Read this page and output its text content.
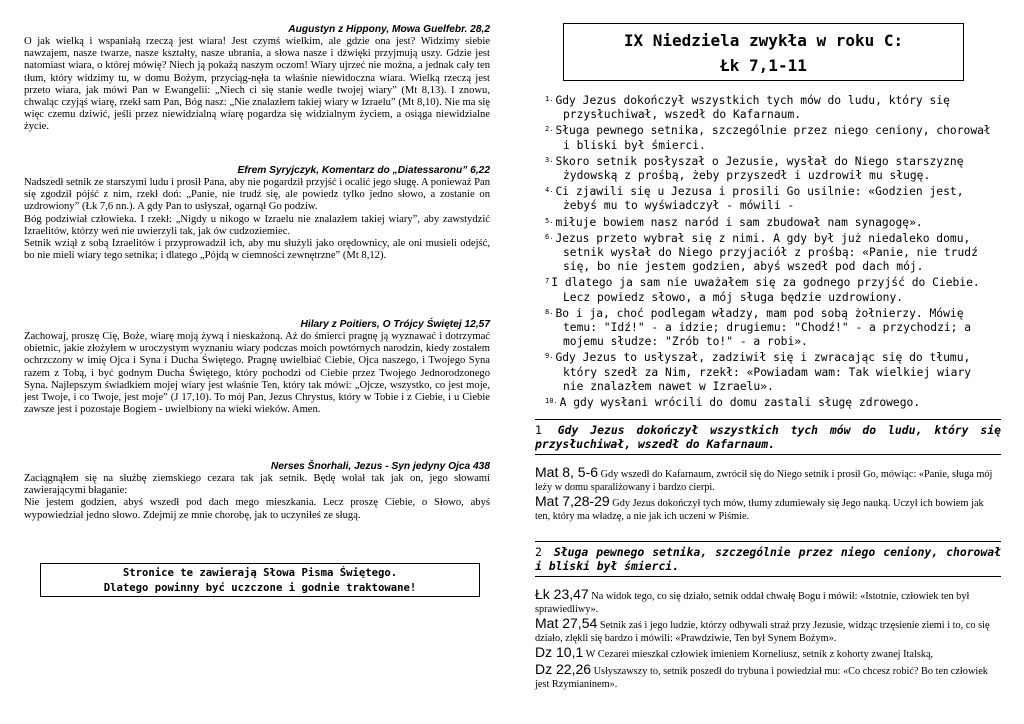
Augustyn z Hippony, Mowa Guelfebr. 28,2

O jak wielką i wspaniałą rzeczą jest wiara! Jest czymś wielkim, ale gdzie ona jest? Widzimy siebie nawzajem, nasze twarze, nasze kształty, nasze ubrania, a słowa nasze i dźwięki przyjmują uszy. Gdzie jest natomiast wiara, o której mówię? Niech ją pokażą naszym oczom! Wiary ujrzeć nie można, a jednak cały ten tłum, który widzimy tu, w domu Bożym, przyciąg-nęła ta właśnie niewidoczna wiara. Wielką rzeczą jest przeto wiara, jak mówi Pan w Ewangelii: „Niech ci się stanie wedle twojej wiary” (Mt 8,13). I znowu, chwaląc czyjąś wiarę, rzekł sam Pan, Bóg nasz: „Nie znalazłem takiej wiary w Izraelu” (Mt 8,10). Nie ma się więc czemu dziwić, jeśli przez niewidzialną wiarę pogardza się widzialnym życiem, a osiąga niewidzialne życie.

Efrem Syryjczyk, Komentarz do „Diatessaronu” 6,22

Nadszedł setnik ze starszymi ludu i prosił Pana, aby nie pogardził przyjść i ocalić jego sługę. A ponieważ Pan się zgodził pójść z nim, rzekł doń: „Panie, nie trudź się, ale powiedz tylko jedno słowo, a zostanie on uzdrowiony” (Łk 7,6 nn.). A gdy Pan to usłyszał, ogarnął Go podziw.

Bóg podziwiał człowieka. I rzekł: „Nigdy u nikogo w Izraelu nie znalazłem takiej wiary”, aby zawstydzić Izraelitów, którzy weń nie uwierzyli tak, jak ów cudzoziemiec.

Setnik wziął z sobą Izraelitów i przyprowadził ich, aby mu służyli jako orędownicy, ale oni musieli odejść, bo nie mieli wiary tego setnika; i dlatego „Pójdą w ciemności zewnętrzne” (Mt 8,12).

Hilary z Poitiers, O Trójcy Świętej 12,57

Zachowaj, proszę Cię, Boże, wiarę moją żywą i nieskażoną. Aż do śmierci pragnę ją wyznawać i dotrzymać obietnic, jakie złożyłem w uroczystym wyznaniu wiary podczas moich powtórnych narodzin, kiedy zostałem ochrzczony w imię Ojca i Syna i Ducha Świętego. Pragnę uwielbiać Ciebie, Ojca naszego, i Twojego Syna razem z Tobą, i być godnym Ducha Świętego, który pochodzi od Ciebie przez Twojego Jednorodzonego Syna. Najlepszym świadkiem mojej wiary jest właśnie Ten, który tak mówi: „Ojcze, wszystko, co jest moje, jest Twoje, i co Twoje, jest moje” (J 17,10). To mój Pan, Jezus Chrystus, który w Tobie i z Ciebie, i u Ciebie zawsze jest i pozostaje Bogiem - uwielbiony na wieki wieków. Amen.

Nerses Šnorhali, Jezus - Syn jedyny Ojca 438

Zaciągnąłem się na służbę ziemskiego cezara tak jak setnik. Będę wołał tak jak on, jego słowami zawierającymi błaganie:

Nie jestem godzien, abyś wszedł pod dach mego mieszkania. Lecz proszę Ciebie, o Słowo, abyś wypowiedział jedno słowo. Zdejmij ze mnie chorobę, jak to uczyniłeś ze sługą.

Stronice te zawierają Słowa Pisma Świętego.
Dlatego powinny być uczczone i godnie traktowane!
IX Niedziela zwykła w roku C:
Łk 7,1-11
$^{1.}$ Gdy Jezus dokończył wszystkich tych mów do ludu, który się przysłuchiwał, wszedł do Kafarnaum.
$^{2.}$ Sługa pewnego setnika, szczególnie przez niego ceniony, chorował i bliski był śmierci.
$^{3.}$ Skoro setnik posłyszał o Jezusie, wysłał do Niego starszyznę żydowską z prośbą, żeby przyszedł i uzdrowił mu sługę.
$^{4.}$ Ci zjawili się u Jezusa i prosili Go usilnie: «Godzien jest, żebyś mu to wyświadczył - mówili -
$^{5.}$ miłuje bowiem nasz naród i sam zbudował nam synagogę».
$^{6.}$ Jezus przeto wybrał się z nimi. A gdy był już niedaleko domu, setnik wysłał do Niego przyjaciół z prośbą: «Panie, nie trudź się, bo nie jestem godzien, abyś wszedł pod dach mój.
$^7$ I dlatego ja sam nie uważałem się za godnego przyjść do Ciebie. Lecz powiedz słowo, a mój sługa będzie uzdrowiony.
$^{8.}$ Bo i ja, choć podlegam władzy, mam pod sobą żołnierzy. Mówię temu: "Idź!" - a idzie; drugiemu: "Chodź!" - a przychodzi; a mojemu słudze: "Zrób to!" - a robi».
$^{9.}$ Gdy Jezus to usłyszał, zadziwił się i zwracając się do tłumu, który szedł za Nim, rzekł: «Powiadam wam: Tak wielkiej wiary nie znalazłem nawet w Izraelu».
$^{10.}$ A gdy wysłani wrócili do domu zastali sługę zdrowego.
1 Gdy Jezus dokończył wszystkich tych mów do ludu, który się przysłuchiwał, wszedł do Kafarnaum.

Mat 8, 5-6 Gdy wszedł do Kafarnaum, zwrócił się do Niego setnik i prosił Go, mówiąc: «Panie, sługa mój leży w domu sparaliżowany i bardzo cierpi.

Mat 7,28-29 Gdy Jezus dokończył tych mów, tłumy zdumiewały się Jego nauką. Uczył ich bowiem jak ten, który ma władzę, a nie jak ich uczeni w Piśmie.

2 Sługa pewnego setnika, szczególnie przez niego ceniony, chorował i bliski był śmierci.

Łk 23,47 Na widok tego, co się działo, setnik oddał chwałę Bogu i mówił: «Istotnie, człowiek ten był sprawiedliwy».

Mat 27,54 Setnik zaś i jego ludzie, którzy odbywali straż przy Jezusie, widząc trzęsienie ziemi i to, co się działo, zlękli się bardzo i mówili: «Prawdziwie, Ten był Synem Bożym».

Dz 10,1 W Cezarei mieszkał człowiek imieniem Korneliusz, setnik z kohorty zwanej Italską,

Dz 22,26 Usłyszawszy to, setnik poszedł do trybuna i powiedział mu: «Co chcesz robić? Bo ten człowiek jest Rzymianinem».
